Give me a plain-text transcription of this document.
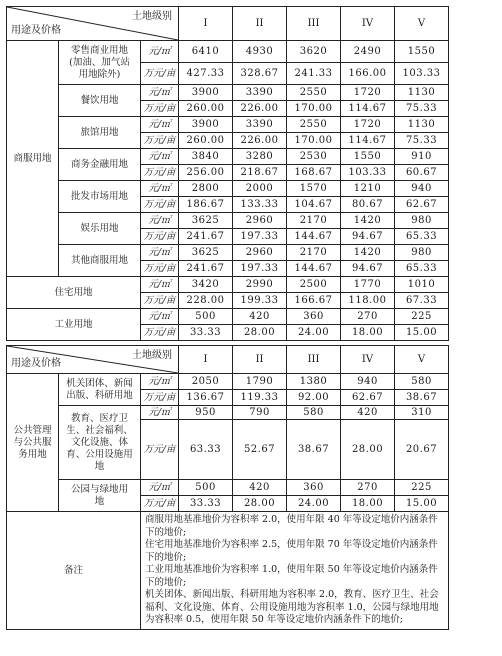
土地级别
用途及价格			I	II	III	IV	V
商服用地	零售商业用地
(加油、加气站
用地除外)	元/㎡	6410	4930	3620	2490	1550
		万元/亩	427.33	328.67	241.33	166.00	103.33
	餐饮用地	元/㎡	3900	3390	2550	1720	1130
		万元/亩	260.00	226.00	170.00	114.67	75.33
	旅馆用地	元/㎡	3900	3390	2550	1720	1130
		万元/亩	260.00	226.00	170.00	114.67	75.33
	商务金融用地	元/㎡	3840	3280	2530	1550	910
		万元/亩	256.00	218.67	168.67	103.33	60.67
	批发市场用地	元/㎡	2800	2000	1570	1210	940
		万元/亩	186.67	133.33	104.67	80.67	62.67
	娱乐用地	元/㎡	3625	2960	2170	1420	980
		万元/亩	241.67	197.33	144.67	94.67	65.33
	其他商服用地	元/㎡	3625	2960	2170	1420	980
		万元/亩	241.67	197.33	144.67	94.67	65.33
住宅用地		元/㎡	3420	2990	2500	1770	1010
		万元/亩	228.00	199.33	166.67	118.00	67.33
工业用地		元/㎡	500	420	360	270	225
		万元/亩	33.33	28.00	24.00	18.00	15.00
土地级别
用途及价格			I	II	III	IV	V
公共管理
与公共服
务用地	机关团体、新闻
出版、科研用地	元/㎡	2050	1790	1380	940	580
		万元/亩	136.67	119.33	92.00	62.67	38.67
	教育、医疗卫
生、社会福利、
文化设施、体
育、公用设施用
地	元/㎡	950	790	580	420	310
		万元/亩	63.33	52.67	38.67	28.00	20.67
	公园与绿地用
地	元/㎡	500	420	360	270	225
		万元/亩	33.33	28.00	24.00	18.00	15.00
备注		商服用地基准地价为容积率 2.0，使用年限 40 年等设定地价内涵条件下的地价;
住宅用地基准地价为容积率 2.5，使用年限 70 年等设定地价内涵条件下的地价;
工业用地基准地价为容积率 1.0，使用年限 50 年等设定地价内涵条件下的地价;
机关团体、新闻出版、科研用地为容积率 2.0，教育、医疗卫生、社会福利、文化设施、体育、公用设施用地为容积率 1.0，公园与绿地用地为容积率 0.5，使用年限 50 年等设定地价内涵条件下的地价;					
